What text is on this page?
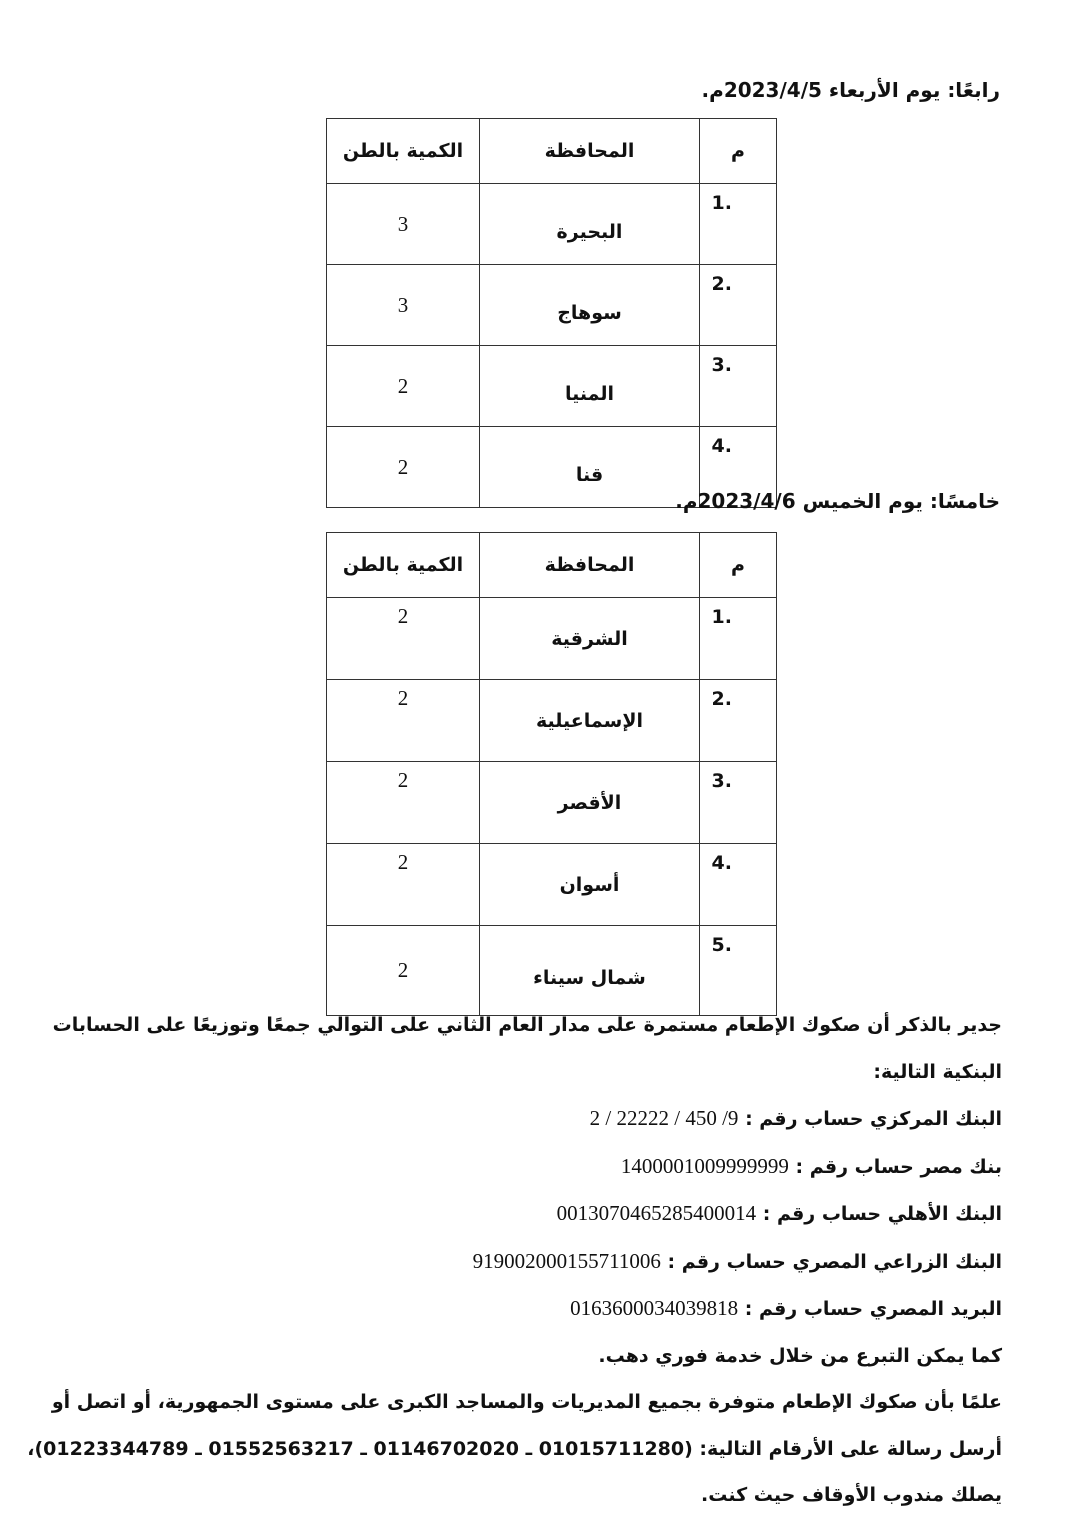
رابعًا: يوم الأربعاء 2023/4/5م.
م	المحافظة	الكمية بالطن

1.	البحيرة	3

2.	سوهاج	3

3.	المنيا	2

4.	قنا	2
خامسًا: يوم الخميس 2023/4/6م.
م	المحافظة	الكمية بالطن

1.	الشرقية	2

2.	الإسماعيلية	2

3.	الأقصر	2

4.	أسوان	2

5.	شمال سيناء	2
جدير بالذكر أن صكوك الإطعام مستمرة على مدار العام الثاني على التوالي جمعًا وتوزيعًا على الحسابات
البنكية التالية:
البنك المركزي حساب رقم : 2 / 22222 / 450 /9
بنك مصر حساب رقم : 1400001009999999
البنك الأهلي حساب رقم : 0013070465285400014
البنك الزراعي المصري حساب رقم : 919002000155711006
البريد المصري حساب رقم : 0163600034039818
كما يمكن التبرع من خلال خدمة فوري دهب.
علمًا بأن صكوك الإطعام متوفرة بجميع المديريات والمساجد الكبرى على مستوى الجمهورية، أو اتصل أو
أرسل رسالة على الأرقام التالية: (01015711280 ـ 01146702020 ـ 01552563217 ـ 01223344789)،
يصلك مندوب الأوقاف حيث كنت.
